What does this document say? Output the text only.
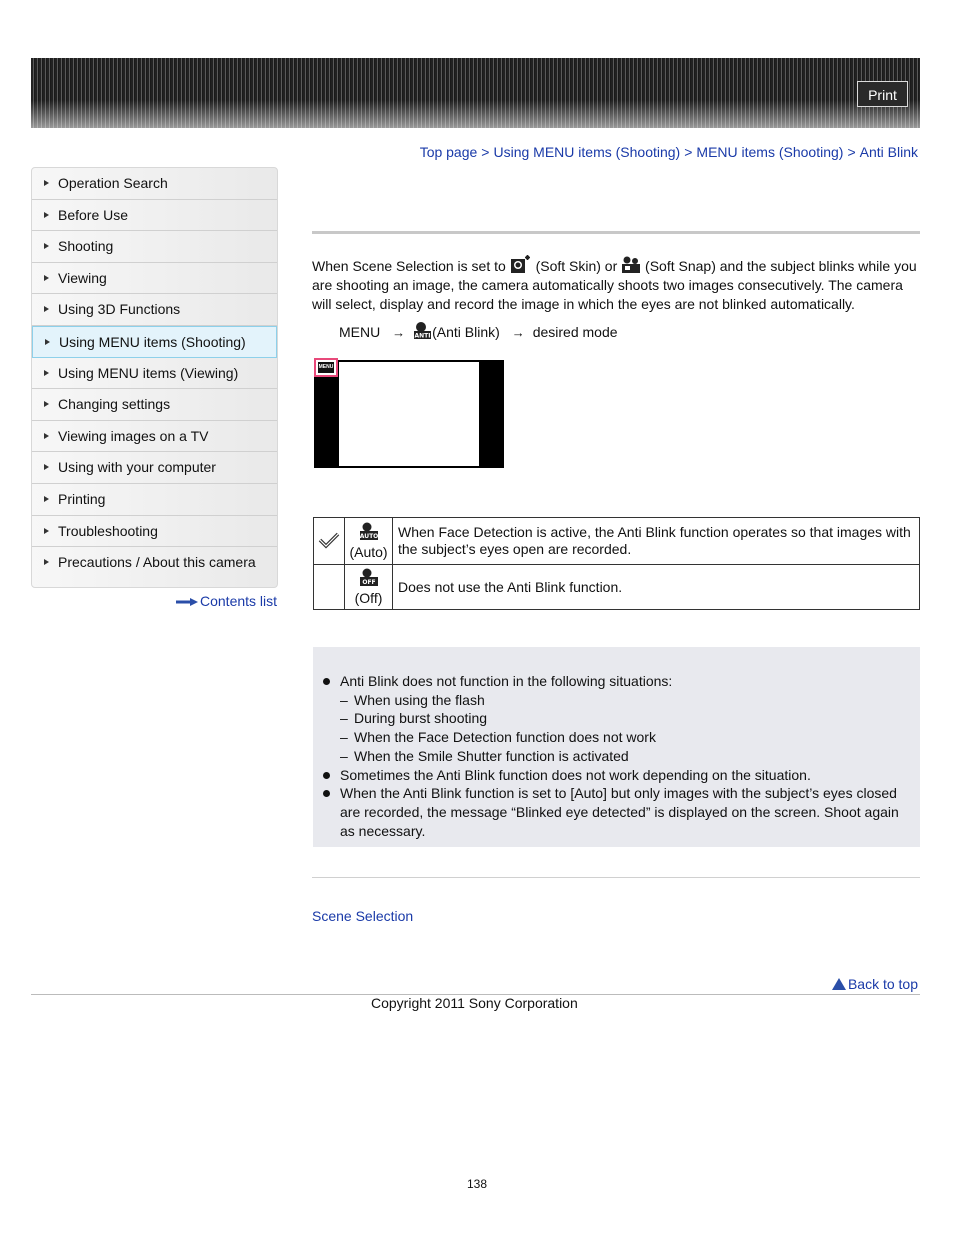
Print
Top page > Using MENU items (Shooting) > MENU items (Shooting) > Anti Blink
Operation Search
Before Use
Shooting
Viewing
Using 3D Functions
Using MENU items (Shooting)
Using MENU items (Viewing)
Changing settings
Viewing images on a TV
Using with your computer
Printing
Troubleshooting
Precautions / About this camera
Contents list
When Scene Selection is set to (Soft Skin) or (Soft Snap) and the subject blinks while you are shooting an image, the camera automatically shoots two images consecutively. The camera will select, display and record the image in which the eyes are not blinked automatically.
MENU → ANTI (Anti Blink) → desired mode
MENU

AUTO

(Auto)	When Face Detection is active, the Anti Blink function operates so that images with the subject’s eyes open are recorded.

OFF

(Off)	Does not use the Anti Blink function.
Anti Blink does not function in the following situations:
– When using the flash
– During burst shooting
– When the Face Detection function does not work
– When the Smile Shutter function is activated
Sometimes the Anti Blink function does not work depending on the situation.
When the Anti Blink function is set to [Auto] but only images with the subject’s eyes closed are recorded, the message “Blinked eye detected” is displayed on the screen. Shoot again as necessary.
Scene Selection
Back to top
Copyright 2011 Sony Corporation
138
